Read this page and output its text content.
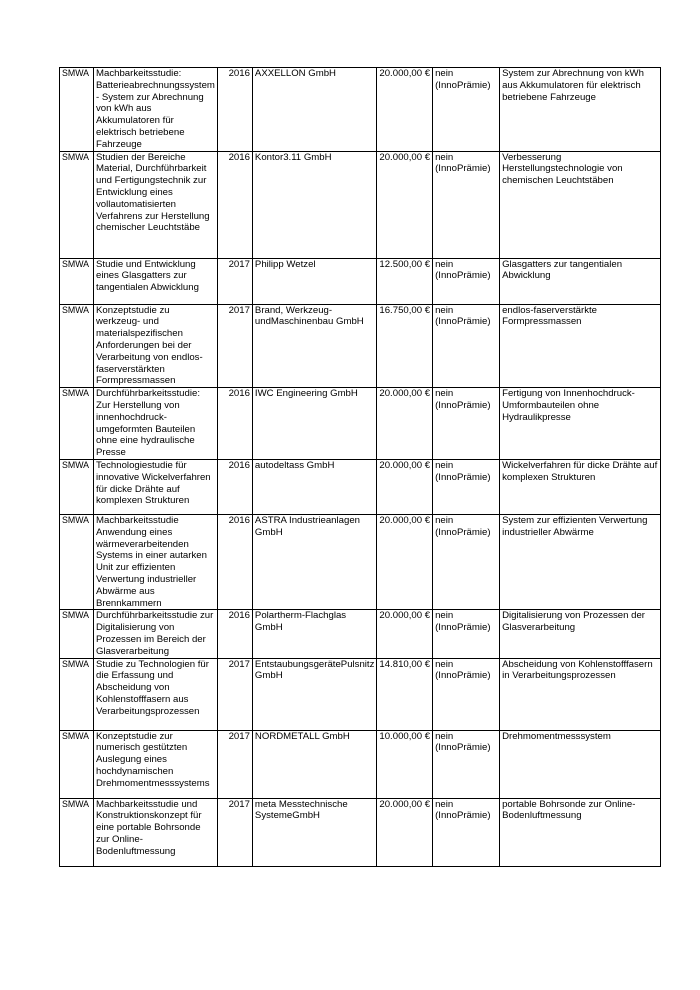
SMWA	Machbarkeitsstudie: Batterieabrechnungssystem - System zur Abrechnung von kWh aus Akkumulatoren für elektrisch betriebene Fahrzeuge	2016	AXXELLON GmbH	20.000,00 €	nein (InnoPrämie)	System zur Abrechnung von kWh aus Akkumulatoren für elektrisch betriebene Fahrzeuge
SMWA	Studien der Bereiche Material, Durchführbarkeit und Fertigungstechnik zur Entwicklung eines vollautomatisierten Verfahrens zur Herstellung chemischer Leuchtstäbe	2016	Kontor3.11 GmbH	20.000,00 €	nein (InnoPrämie)	Verbesserung Herstellungstechnologie von chemischen Leuchtstäben
SMWA	Studie und Entwicklung eines Glasgatters zur tangentialen Abwicklung	2017	Philipp Wetzel	12.500,00 €	nein (InnoPrämie)	Glasgatters zur tangentialen Abwicklung
SMWA	Konzeptstudie zu werkzeug- und materialspezifischen Anforderungen bei der Verarbeitung von endlos-faserverstärkten Formpressmassen	2017	Brand, Werkzeug-undMaschinenbau GmbH	16.750,00 €	nein (InnoPrämie)	endlos-faserverstärkte Formpressmassen
SMWA	Durchführbarkeitsstudie: Zur Herstellung von innenhochdruck-umgeformten Bauteilen ohne eine hydraulische Presse	2016	IWC Engineering GmbH	20.000,00 €	nein (InnoPrämie)	Fertigung von Innenhochdruck-Umformbauteilen ohne Hydraulikpresse
SMWA	Technologiestudie für innovative Wickelverfahren für dicke Drähte auf komplexen Strukturen	2016	autodeltass GmbH	20.000,00 €	nein (InnoPrämie)	Wickelverfahren für dicke Drähte auf komplexen Strukturen
SMWA	Machbarkeitsstudie Anwendung eines wärmeverarbeitenden Systems in einer autarken Unit zur effizienten Verwertung industrieller Abwärme aus Brennkammern	2016	ASTRA Industrieanlagen GmbH	20.000,00 €	nein (InnoPrämie)	System zur effizienten Verwertung industrieller Abwärme
SMWA	Durchführbarkeitsstudie zur Digitalisierung von Prozessen im Bereich der Glasverarbeitung	2016	Polartherm-Flachglas GmbH	20.000,00 €	nein (InnoPrämie)	Digitalisierung von Prozessen der Glasverarbeitung
SMWA	Studie zu Technologien für die Erfassung und Abscheidung von Kohlenstofffasern aus Verarbeitungsprozessen	2017	EntstaubungsgerätePulsnitz GmbH	14.810,00 €	nein (InnoPrämie)	Abscheidung von Kohlenstofffasern in Verarbeitungsprozessen
SMWA	Konzeptstudie zur numerisch gestützten Auslegung eines hochdynamischen Drehmomentmesssystems	2017	NORDMETALL GmbH	10.000,00 €	nein (InnoPrämie)	Drehmomentmesssystem
SMWA	Machbarkeitsstudie und Konstruktionskonzept für eine portable Bohrsonde zur Online-Bodenluftmessung	2017	meta Messtechnische SystemeGmbH	20.000,00 €	nein (InnoPrämie)	portable Bohrsonde zur Online-Bodenluftmessung
